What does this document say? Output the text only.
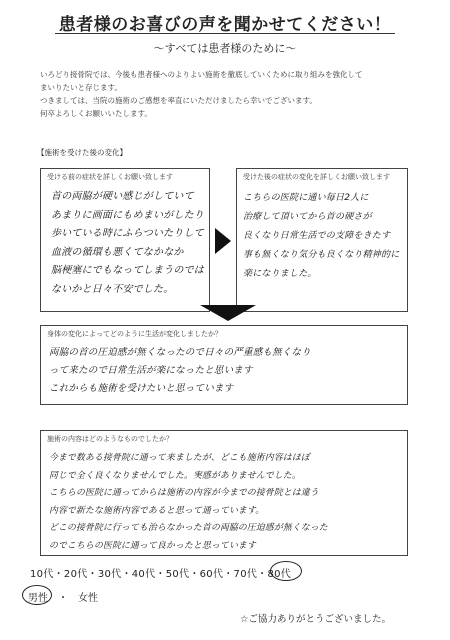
患者様のお喜びの声を聞かせてください！
～すべては患者様のために～

いろどり接骨院では、今後も患者様へのよりよい施術を徹底していくために取り組みを強化して

まいりたいと存じます。

つきましては、当院の施術のご感想を率直にいただけましたら幸いでございます。

何卒よろしくお願いいたします。

【施術を受けた後の変化】
受ける前の症状を詳しくお願い致します
首の両脇が硬い感じがしていて
あまりに画面にもめまいがしたり
歩いている時にふらついたりして
血液の循環も悪くてなかなか
脳梗塞にでもなってしまうのでは
ないかと日々不安でした。
受けた後の症状の変化を詳しくお願い致します
こちらの医院に通い毎日2人に
治療して頂いてから首の硬さが
良くなり日常生活での支障をきたす
事も無くなり気分も良くなり精神的に
楽になりました。
身体の変化によってどのように生活が変化しましたか？
両脇の首の圧迫感が無くなったので日々の严重感も無くなり
って来たので日常生活が楽になったと思います
これからも施術を受けたいと思っています
施術の内容はどのようなものでしたか？
今まで数ある接骨院に通って来ましたが、どこも施術内容はほぼ
同じで全く良くなりませんでした。実感がありませんでした。
こちらの医院に通ってからは施術の内容が今までの接骨院とは違う
内容で新たな施術内容であると思って通っています。
どこの接骨院に行っても治らなかった首の両脇の圧迫感が無くなった
のでこちらの医院に通って良かったと思っています
10代・20代・30代・40代・50代・60代・70代・80代
男性　・　女性
☆ご協力ありがとうございました。
